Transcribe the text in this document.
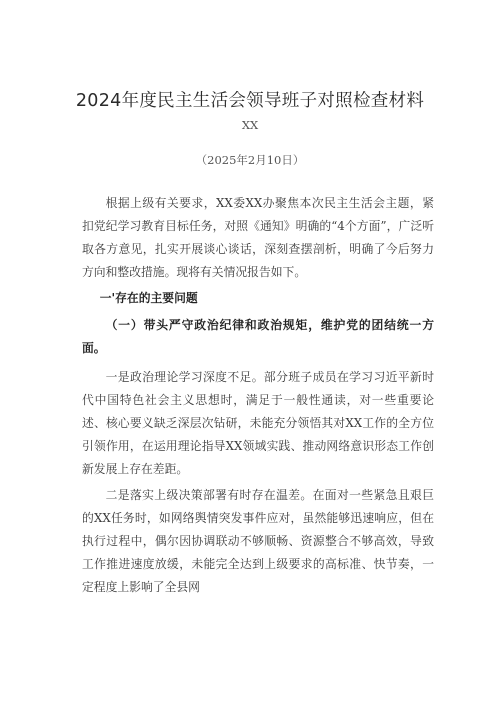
2024年度民主生活会领导班子对照检查材料
XX
（2025年2月10日）

根据上级有关要求，XX委XX办聚焦本次民主生活会主题，紧扣党纪学习教育目标任务，对照《通知》明确的“4个方面”，广泛听取各方意见，扎实开展谈心谈话，深刻查摆剖析，明确了今后努力方向和整改措施。现将有关情况报告如下。

一'存在的主要问题

（一）带头严守政治纪律和政治规矩，维护党的团结统一方面。

一是政治理论学习深度不足。部分班子成员在学习习近平新时代中国特色社会主义思想时，满足于一般性通读，对一些重要论述、核心要义缺乏深层次钻研，未能充分领悟其对XX工作的全方位引领作用，在运用理论指导XX领域实践、推动网络意识形态工作创新发展上存在差距。

二是落实上级决策部署有时存在温差。在面对一些紧急且艰巨的XX任务时，如网络舆情突发事件应对，虽然能够迅速响应，但在执行过程中，偶尔因协调联动不够顺畅、资源整合不够高效，导致工作推进速度放缓，未能完全达到上级要求的高标准、快节奏，一定程度上影响了全县网
